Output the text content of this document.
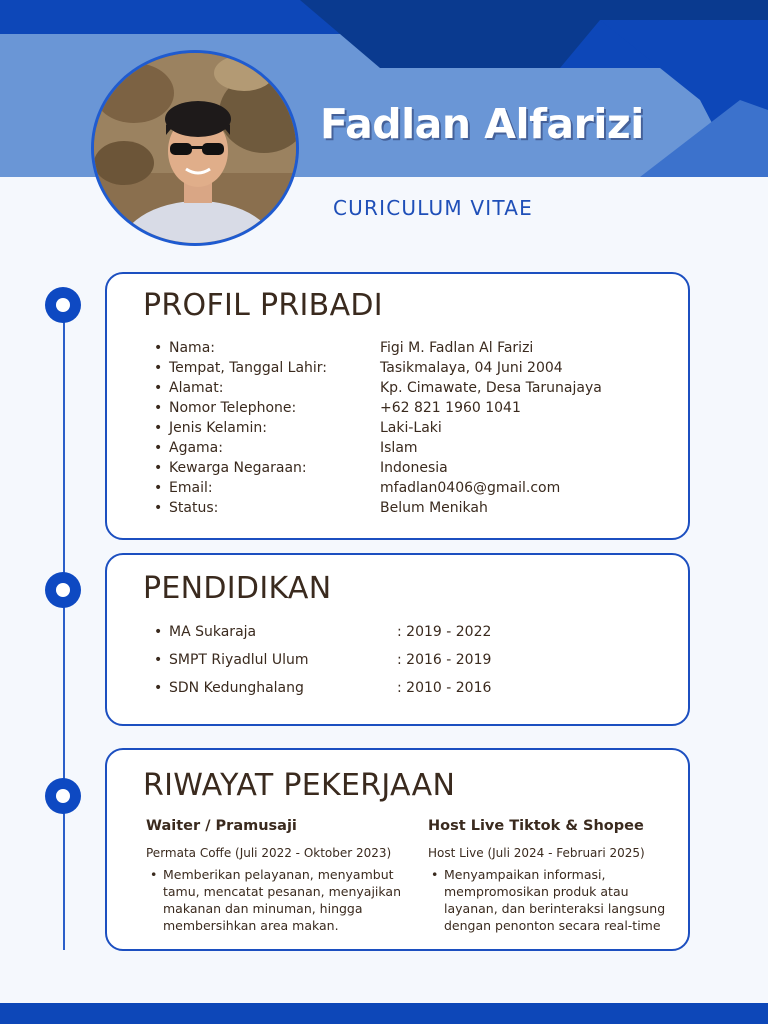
Fadlan Alfarizi
CURICULUM VITAE
PROFIL PRIBADI
• Nama:	Figi M. Fadlan Al Farizi
• Tempat, Tanggal Lahir:	Tasikmalaya, 04 Juni 2004
• Alamat:	Kp. Cimawate, Desa Tarunajaya
• Nomor Telephone:	+62 821 1960 1041
• Jenis Kelamin:	Laki-Laki
• Agama:	Islam
• Kewarga Negaraan:	Indonesia
• Email:	mfadlan0406@gmail.com
• Status:	Belum Menikah
PENDIDIKAN
• MA Sukaraja	: 2019 - 2022
• SMPT Riyadlul Ulum	: 2016 - 2019
• SDN Kedunghalang	: 2010 - 2016
RIWAYAT PEKERJAAN
Waiter / Pramusaji
Permata Coffe (Juli 2022 - Oktober 2023)
• Memberikan pelayanan, menyambut
tamu, mencatat pesanan, menyajikan
makanan dan minuman, hingga
membersihkan area makan.
Host Live Tiktok & Shopee
Host Live (Juli 2024 - Februari 2025)
• Menyampaikan informasi,
mempromosikan produk atau
layanan, dan berinteraksi langsung
dengan penonton secara real-time
